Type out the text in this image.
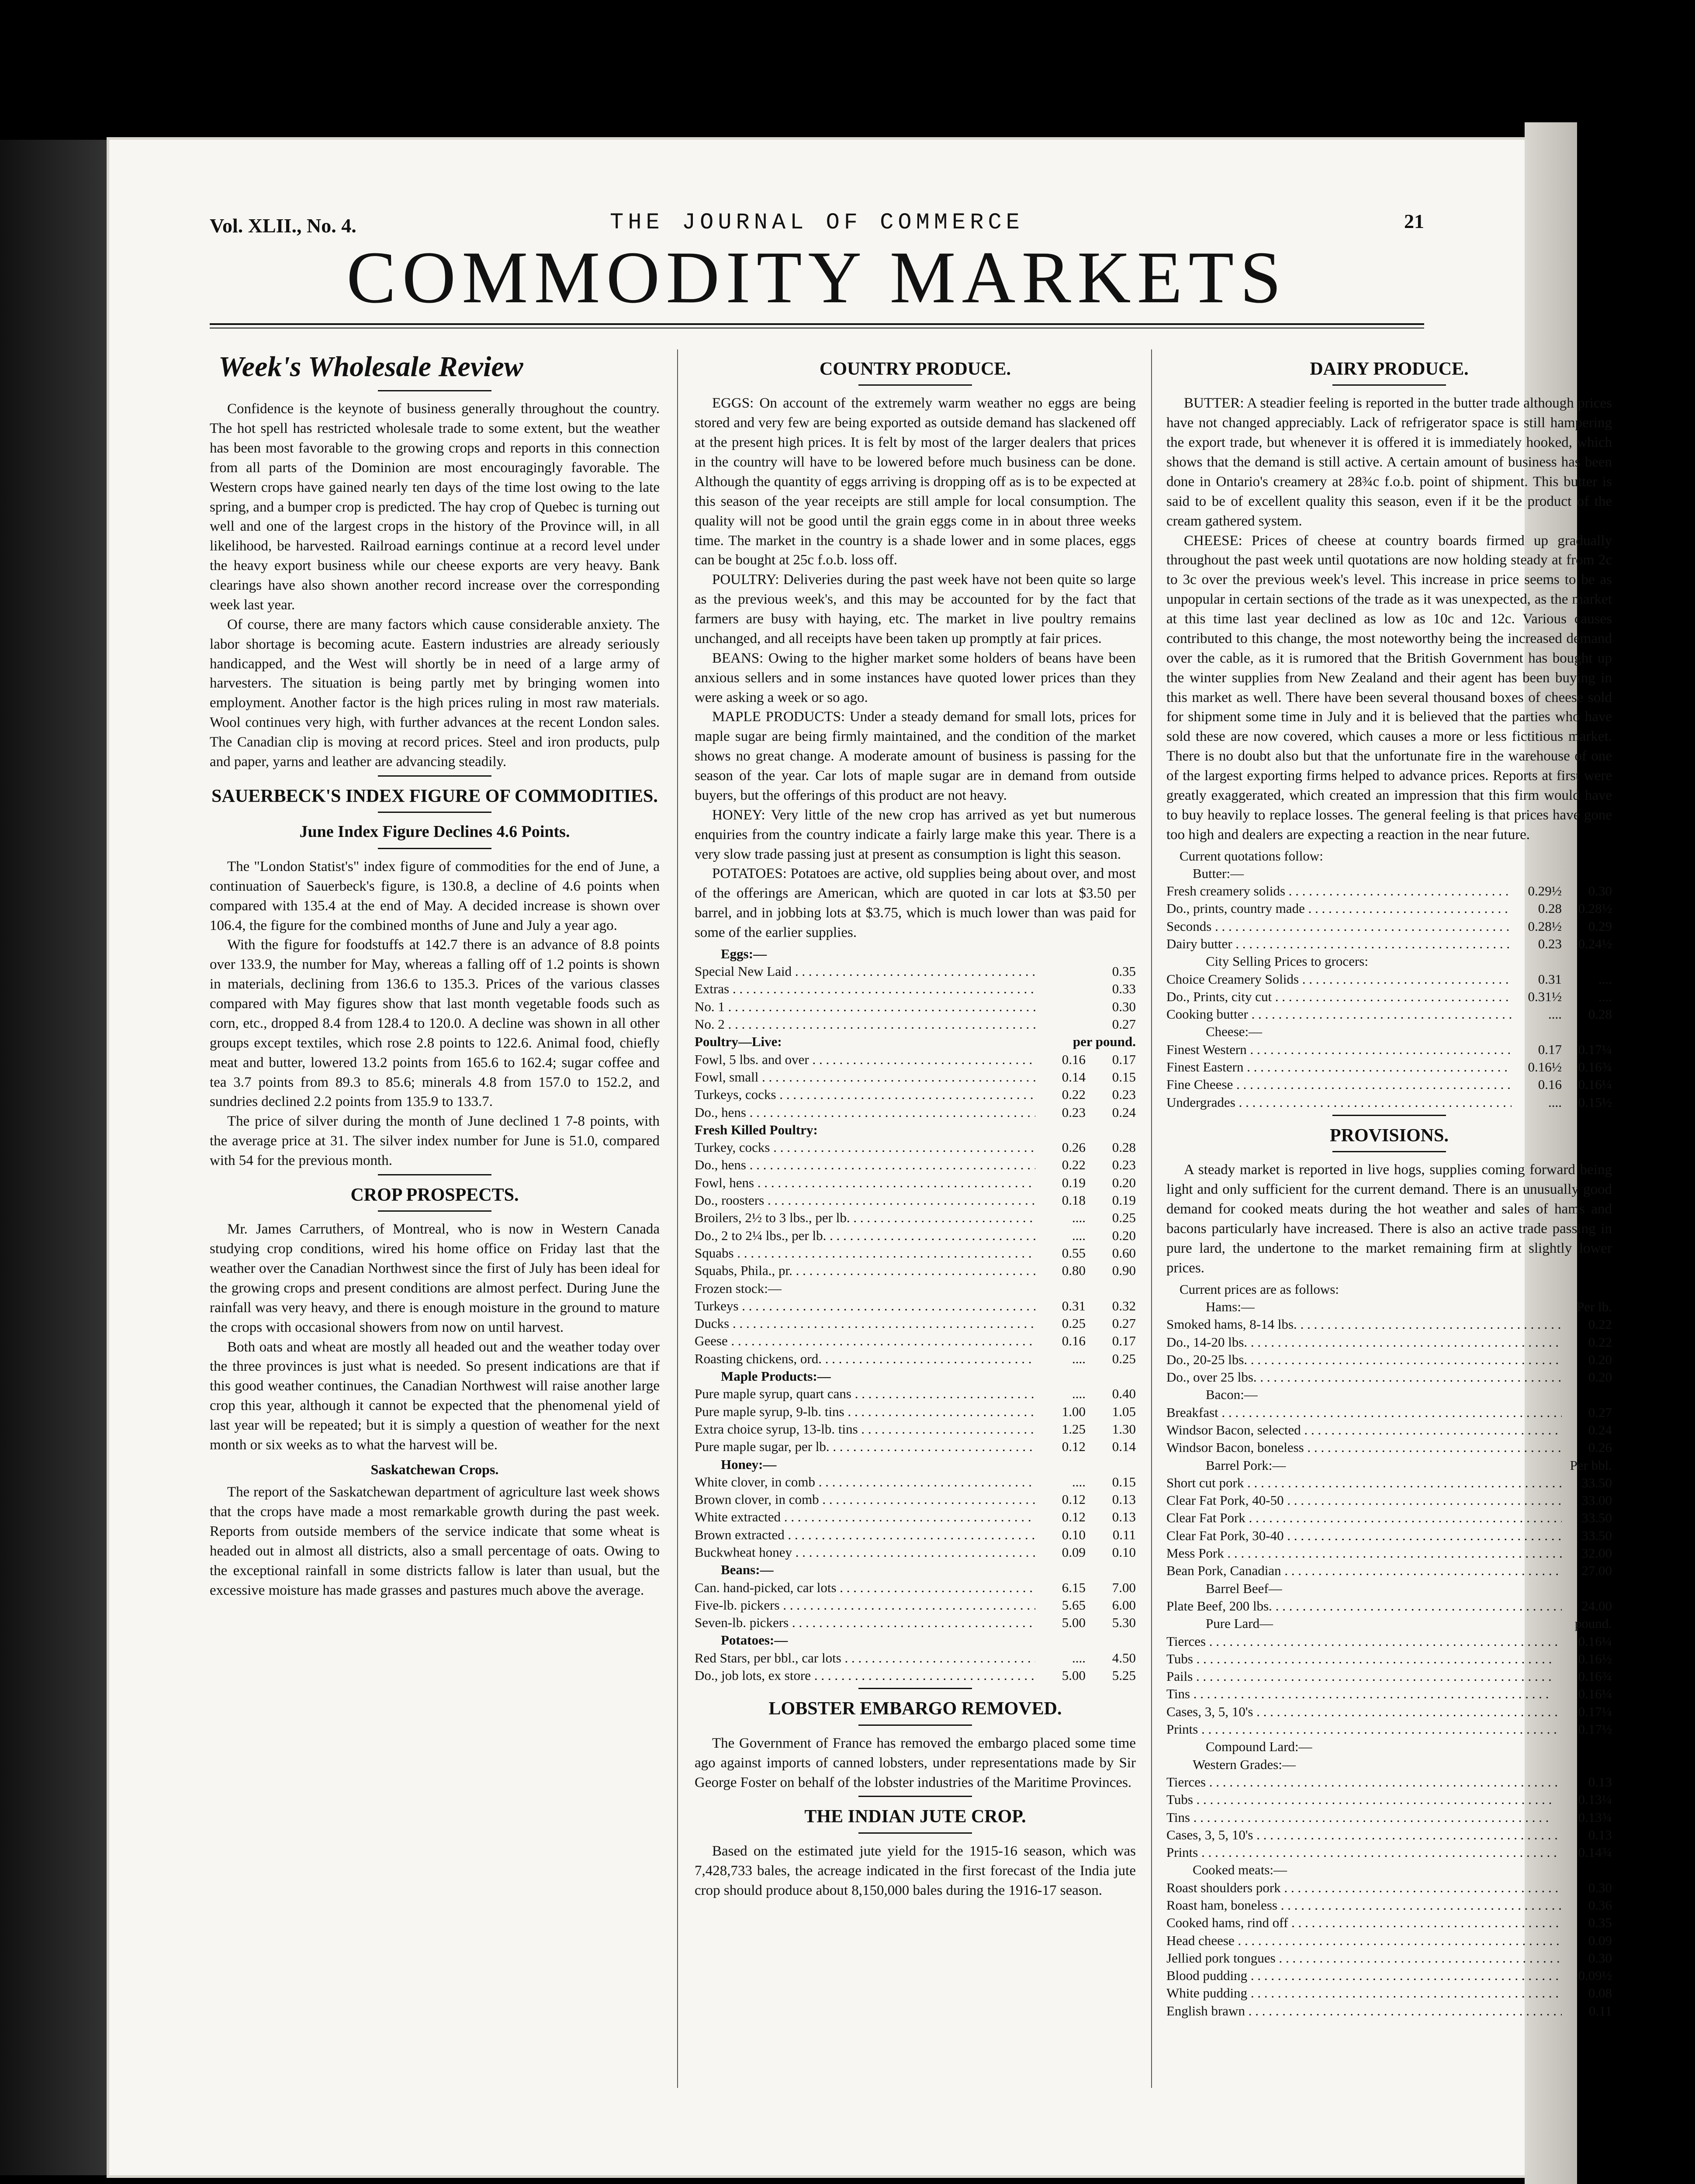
Vol. XLII., No. 4.	THE JOURNAL OF COMMERCE	21
COMMODITY MARKETS
Week's Wholesale Review

Confidence is the keynote of business generally throughout the country. The hot spell has restricted wholesale trade to some extent, but the weather has been most favorable to the growing crops and reports in this connection from all parts of the Dominion are most encouragingly favorable. The Western crops have gained nearly ten days of the time lost owing to the late spring, and a bumper crop is predicted. The hay crop of Quebec is turning out well and one of the largest crops in the history of the Province will, in all likelihood, be harvested. Railroad earnings continue at a record level under the heavy export business while our cheese exports are very heavy. Bank clearings have also shown another record increase over the corresponding week last year.

Of course, there are many factors which cause considerable anxiety. The labor shortage is becoming acute. Eastern industries are already seriously handicapped, and the West will shortly be in need of a large army of harvesters. The situation is being partly met by bringing women into employment. Another factor is the high prices ruling in most raw materials. Wool continues very high, with further advances at the recent London sales. The Canadian clip is moving at record prices. Steel and iron products, pulp and paper, yarns and leather are advancing steadily.

SAUERBECK'S INDEX FIGURE OF COMMODITIES.
June Index Figure Declines 4.6 Points.

The "London Statist's" index figure of commodities for the end of June, a continuation of Sauerbeck's figure, is 130.8, a decline of 4.6 points when compared with 135.4 at the end of May. A decided increase is shown over 106.4, the figure for the combined months of June and July a year ago.

With the figure for foodstuffs at 142.7 there is an advance of 8.8 points over 133.9, the number for May, whereas a falling off of 1.2 points is shown in materials, declining from 136.6 to 135.3. Prices of the various classes compared with May figures show that last month vegetable foods such as corn, etc., dropped 8.4 from 128.4 to 120.0. A decline was shown in all other groups except textiles, which rose 2.8 points to 122.6. Animal food, chiefly meat and butter, lowered 13.2 points from 165.6 to 162.4; sugar coffee and tea 3.7 points from 89.3 to 85.6; minerals 4.8 from 157.0 to 152.2, and sundries declined 2.2 points from 135.9 to 133.7.

The price of silver during the month of June declined 1 7-8 points, with the average price at 31. The silver index number for June is 51.0, compared with 54 for the previous month.

CROP PROSPECTS.

Mr. James Carruthers, of Montreal, who is now in Western Canada studying crop conditions, wired his home office on Friday last that the weather over the Canadian Northwest since the first of July has been ideal for the growing crops and present conditions are almost perfect. During June the rainfall was very heavy, and there is enough moisture in the ground to mature the crops with occasional showers from now on until harvest.

Both oats and wheat are mostly all headed out and the weather today over the three provinces is just what is needed. So present indications are that if this good weather continues, the Canadian Northwest will raise another large crop this year, although it cannot be expected that the phenomenal yield of last year will be repeated; but it is simply a question of weather for the next month or six weeks as to what the harvest will be.

Saskatchewan Crops.

The report of the Saskatchewan department of agriculture last week shows that the crops have made a most remarkable growth during the past week. Reports from outside members of the service indicate that some wheat is headed out in almost all districts, also a small percentage of oats. Owing to the exceptional rainfall in some districts fallow is later than usual, but the excessive moisture has made grasses and pastures much above the average.

COUNTRY PRODUCE.

EGGS: On account of the extremely warm weather no eggs are being stored and very few are being exported as outside demand has slackened off at the present high prices. It is felt by most of the larger dealers that prices in the country will have to be lowered before much business can be done. Although the quantity of eggs arriving is dropping off as is to be expected at this season of the year receipts are still ample for local consumption. The quality will not be good until the grain eggs come in in about three weeks time. The market in the country is a shade lower and in some places, eggs can be bought at 25c f.o.b. loss off.

POULTRY: Deliveries during the past week have not been quite so large as the previous week's, and this may be accounted for by the fact that farmers are busy with haying, etc. The market in live poultry remains unchanged, and all receipts have been taken up promptly at fair prices.

BEANS: Owing to the higher market some holders of beans have been anxious sellers and in some instances have quoted lower prices than they were asking a week or so ago.

MAPLE PRODUCTS: Under a steady demand for small lots, prices for maple sugar are being firmly maintained, and the condition of the market shows no great change. A moderate amount of business is passing for the season of the year. Car lots of maple sugar are in demand from outside buyers, but the offerings of this product are not heavy.

HONEY: Very little of the new crop has arrived as yet but numerous enquiries from the country indicate a fairly large make this year. There is a very slow trade passing just at present as consumption is light this season.

POTATOES: Potatoes are active, old supplies being about over, and most of the offerings are American, which are quoted in car lots at $3.50 per barrel, and in jobbing lots at $3.75, which is much lower than was paid for some of the earlier supplies.

Eggs:—
Special New Laid . . .	0.35
Extras . . .	0.33
No. 1 . . .	0.30
No. 2 . . .	0.27
Poultry—Live:	per pound.
Fowl, 5 lbs. and over . . .	0.16	0.17
Fowl, small . . .	0.14	0.15
Turkeys, cocks . . .	0.22	0.23
Do., hens . . .	0.23	0.24
Fresh Killed Poultry:
Turkey, cocks . . .	0.26	0.28
Do., hens . . .	0.22	0.23
Fowl, hens . . .	0.19	0.20
Do., roosters . . .	0.18	0.19
Broilers, 2½ to 3 lbs., per lb. . . .	....	0.25
Do., 2 to 2¼ lbs., per lb. . . .	....	0.20
Squabs . . .	0.55	0.60
Squabs, Phila., pr. . . .	0.80	0.90
Frozen stock:—
Turkeys . . .	0.31	0.32
Ducks . . .	0.25	0.27
Geese . . .	0.16	0.17
Roasting chickens, ord. . . .	....	0.25
Maple Products:—
Pure maple syrup, quart cans . . .	....	0.40
Pure maple syrup, 9-lb. tins . . .	1.00	1.05
Extra choice syrup, 13-lb. tins . . .	1.25	1.30
Pure maple sugar, per lb. . . .	0.12	0.14
Honey:—
White clover, in comb . . .	....	0.15
Brown clover, in comb . . .	0.12	0.13
White extracted . . .	0.12	0.13
Brown extracted . . .	0.10	0.11
Buckwheat honey . . .	0.09	0.10
Beans:—
Can. hand-picked, car lots . . .	6.15	7.00
Five-lb. pickers . . .	5.65	6.00
Seven-lb. pickers . . .	5.00	5.30
Potatoes:—
Red Stars, per bbl., car lots . . .	....	4.50
Do., job lots, ex store . . .	5.00	5.25
LOBSTER EMBARGO REMOVED.

The Government of France has removed the embargo placed some time ago against imports of canned lobsters, under representations made by Sir George Foster on behalf of the lobster industries of the Maritime Provinces.

THE INDIAN JUTE CROP.

Based on the estimated jute yield for the 1915-16 season, which was 7,428,733 bales, the acreage indicated in the first forecast of the India jute crop should produce about 8,150,000 bales during the 1916-17 season.

DAIRY PRODUCE.

BUTTER: A steadier feeling is reported in the butter trade although prices have not changed appreciably. Lack of refrigerator space is still hampering the export trade, but whenever it is offered it is immediately hooked, which shows that the demand is still active. A certain amount of business has been done in Ontario's creamery at 28¾c f.o.b. point of shipment. This butter is said to be of excellent quality this season, even if it be the product of the cream gathered system.

CHEESE: Prices of cheese at country boards firmed up gradually throughout the past week until quotations are now holding steady at from 2c to 3c over the previous week's level. This increase in price seems to be as unpopular in certain sections of the trade as it was unexpected, as the market at this time last year declined as low as 10c and 12c. Various causes contributed to this change, the most noteworthy being the increased demand over the cable, as it is rumored that the British Government has bought up the winter supplies from New Zealand and their agent has been buying in this market as well. There have been several thousand boxes of cheese sold for shipment some time in July and it is believed that the parties who have sold these are now covered, which causes a more or less fictitious market. There is no doubt also but that the unfortunate fire in the warehouse of one of the largest exporting firms helped to advance prices. Reports at first were greatly exaggerated, which created an impression that this firm would have to buy heavily to replace losses. The general feeling is that prices have gone too high and dealers are expecting a reaction in the near future.

Current quotations follow:
Butter:—
Fresh creamery solids . . .	0.29½	0.30
Do., prints, country made . . .	0.28	0.28½
Seconds . . .	0.28½	0.29
Dairy butter . . .	0.23	0.24½
City Selling Prices to grocers:
Choice Creamery Solids . . .	0.31	....
Do., Prints, city cut . . .	0.31½	....
Cooking butter . . .	....	0.28
Cheese:—
Finest Western . . .	0.17	0.17¼
Finest Eastern . . .	0.16½	0.16¾
Fine Cheese . . .	0.16	0.16¼
Undergrades . . .	....	0.15½
PROVISIONS.

A steady market is reported in live hogs, supplies coming forward being light and only sufficient for the current demand. There is an unusually good demand for cooked meats during the hot weather and sales of hams and bacons particularly have increased. There is also an active trade passing in pure lard, the undertone to the market remaining firm at slightly lower prices.

Current prices are as follows:
Hams:—	Per lb.
Smoked hams, 8-14 lbs. . . .	0.22
Do., 14-20 lbs. . . .	0.22
Do., 20-25 lbs. . . .	0.20
Do., over 25 lbs. . . .	0.20
Bacon:—
Breakfast . . .	0.27
Windsor Bacon, selected . . .	0.24
Windsor Bacon, boneless . . .	0.26
Barrel Pork:—	Per bbl.
Short cut pork . . .	33.50
Clear Fat Pork, 40-50 . . .	33.00
Clear Fat Pork . . .	33.50
Clear Fat Pork, 30-40 . . .	33.50
Mess Pork . . .	32.00
Bean Pork, Canadian . . .	27.00
Barrel Beef—
Plate Beef, 200 lbs. . . .	24.00
Pure Lard—	pound.
Tierces . . .	0.16¼
Tubs . . .	0.16½
Pails . . .	0.16¾
Tins . . .	0.16¼
Cases, 3, 5, 10's . . .	0.17¼
Prints . . .	0.17½
Compound Lard:—
Western Grades:—
Tierces . . .	0.13
Tubs . . .	0.13¼
Tins . . .	0.13¾
Cases, 3, 5, 10's . . .	0.13
Prints . . .	0.14¾
Cooked meats:—
Roast shoulders pork . . .	0.30
Roast ham, boneless . . .	0.36
Cooked hams, rind off . . .	0.35
Head cheese . . .	0.09
Jellied pork tongues . . .	0.30
Blood pudding . . .	0.09½
White pudding . . .	0.08
English brawn . . .	0.11
